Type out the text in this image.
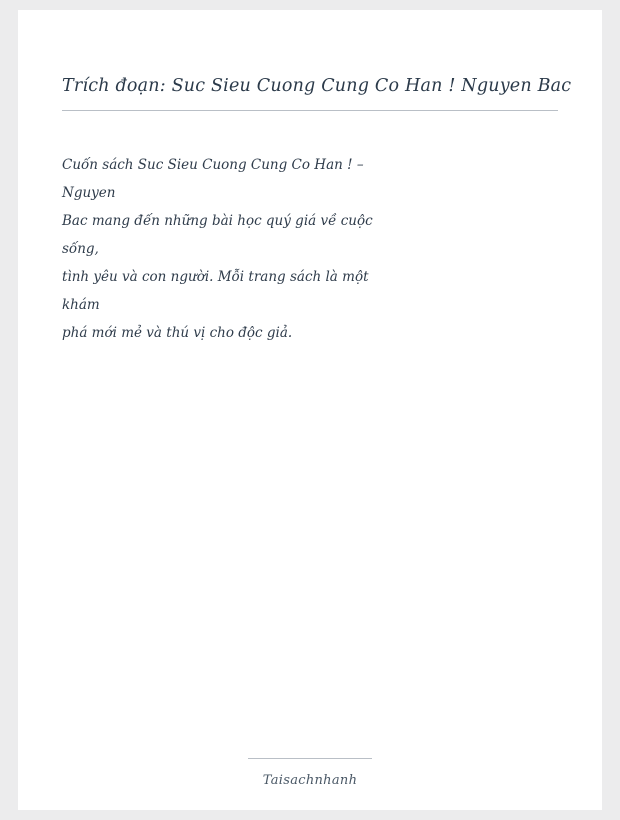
Trích đoạn: Suc Sieu Cuong Cung Co Han ! Nguyen Bac
Cuốn sách Suc Sieu Cuong Cung Co Han ! – Nguyen
Bac mang đến những bài học quý giá về cuộc sống,
tình yêu và con người. Mỗi trang sách là một khám
phá mới mẻ và thú vị cho độc giả.
Taisachnhanh
